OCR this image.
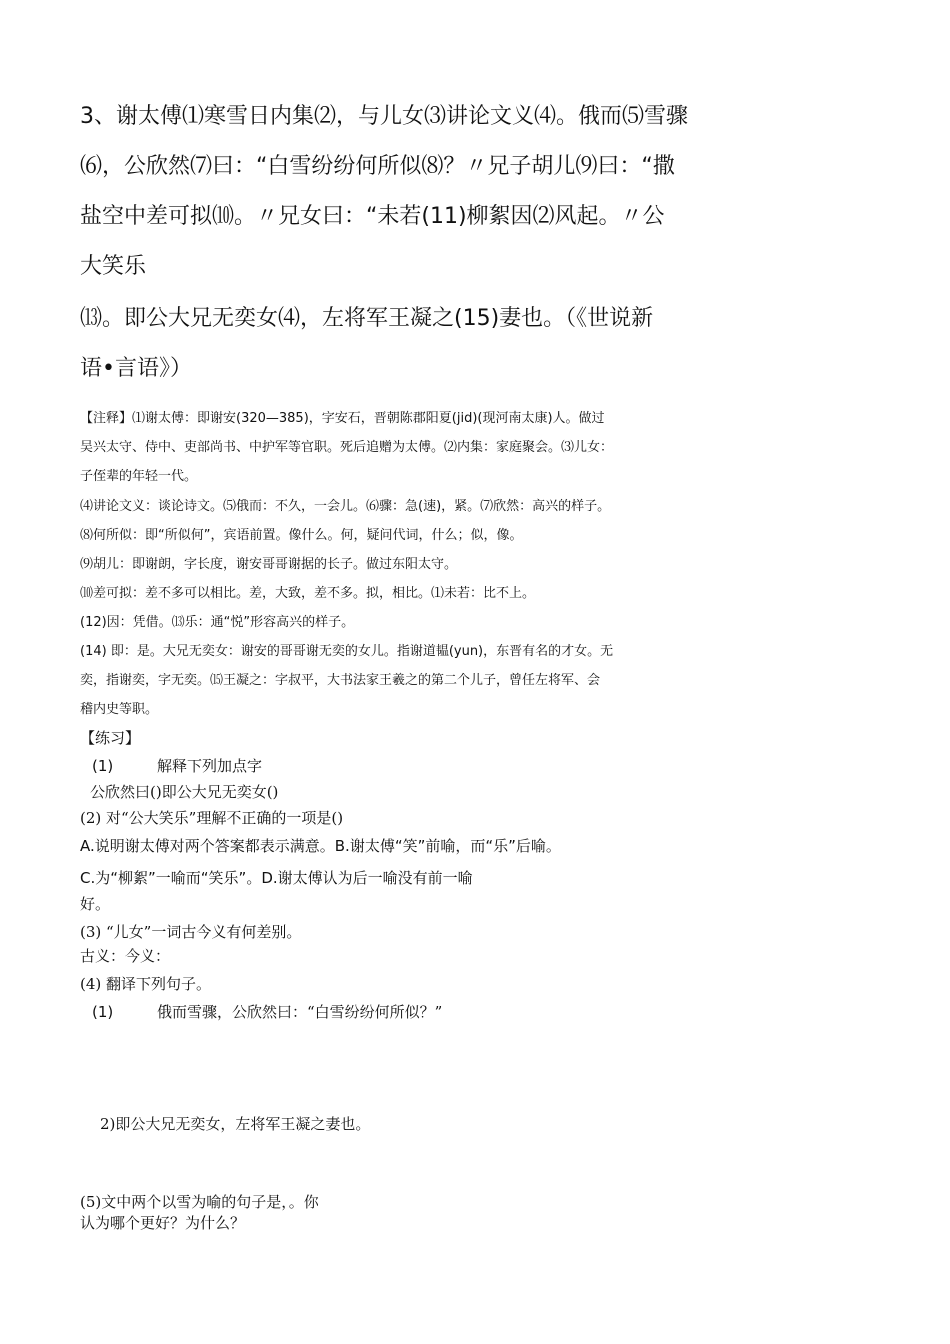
3、谢太傅⑴寒雪日内集⑵，与儿女⑶讲论文义⑷。俄而⑸雪骤
⑹，公欣然⑺曰：“白雪纷纷何所似⑻？〃兄子胡儿⑼曰：“撒
盐空中差可拟⑽。〃兄女曰：“未若(11)柳絮因⑵风起。〃公
大笑乐
⒀。即公大兄无奕女⑷，左将军王凝之(15)妻也。（《世说新
语•言语》）
【注释】⑴谢太傅：即谢安(320—385)，字安石，晋朝陈郡阳夏(jid)(现河南太康)人。做过
吴兴太守、侍中、吏部尚书、中护军等官职。死后追赠为太傅。⑵内集：家庭聚会。⑶儿女：
子侄辈的年轻一代。
⑷讲论文义：谈论诗文。⑸俄而：不久，一会儿。⑹骤：急(速)，紧。⑺欣然：高兴的样子。
⑻何所似：即“所似何”，宾语前置。像什么。何，疑问代词，什么；似，像。
⑼胡儿：即谢朗，字长度，谢安哥哥谢据的长子。做过东阳太守。
⑽差可拟：差不多可以相比。差，大致，差不多。拟，相比。⑴未若：比不上。
(12)因：凭借。⒀乐：通“悦”形容高兴的样子。
(14) 即：是。大兄无奕女：谢安的哥哥谢无奕的女儿。指谢道韫(yun)，东晋有名的才女。无
奕，指谢奕，字无奕。⒂王凝之：字叔平，大书法家王羲之的第二个儿子，曾任左将军、会
稽内史等职。
【练习】
(1)	解释下列加点字
公欣然曰()即公大兄无奕女()
(2) 对“公大笑乐”理解不正确的一项是()
A.说明谢太傅对两个答案都表示满意。B.谢太傅“笑”前喻，而“乐”后喻。
C.为“柳絮”一喻而“笑乐”。D.谢太傅认为后一喻没有前一喻
好。
(3) “儿女”一词古今义有何差别。
古义：今义：
(4) 翻译下列句子。
(1)	俄而雪骤，公欣然曰：“白雪纷纷何所似？”
2)即公大兄无奕女，左将军王凝之妻也。
(5)文中两个以雪为喻的句子是，。你
认为哪个更好？为什么？
